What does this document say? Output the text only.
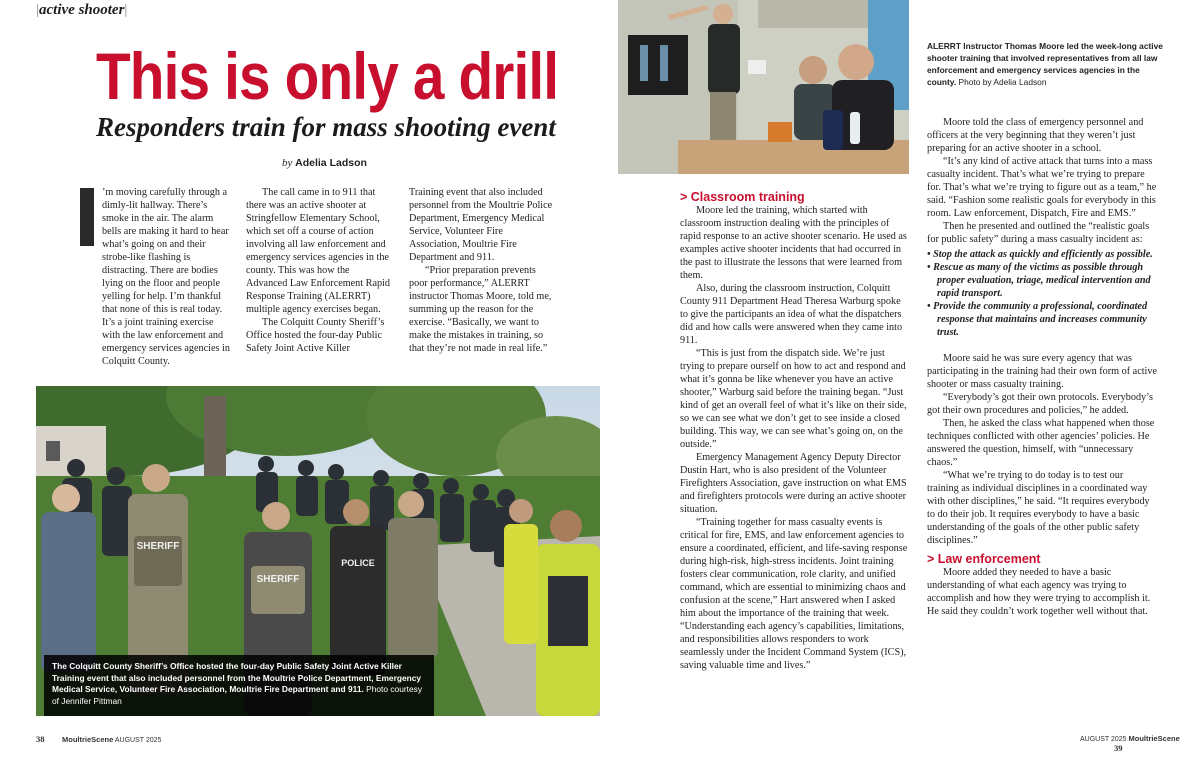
|active shooter|
This is only a drill
Responders train for mass shooting event
by Adelia Ladson

’m moving carefully through a dimly-lit hallway. There’s smoke in the air. The alarm bells are making it hard to hear what’s going on and their strobe-like flashing is distracting. There are bodies lying on the floor and people yelling for help. I’m thankful that none of this is real today. It’s a joint training exercise with the law enforcement and emergency services agencies in Colquitt County.

The call came in to 911 that there was an active shooter at Stringfellow Elementary School, which set off a course of action involving all law enforcement and emergency services agencies in the county. This was how the Advanced Law Enforcement Rapid Response Training (ALERRT) multiple agency exercises began.

The Colquitt County Sheriff’s Office hosted the four-day Public Safety Joint Active Killer

Training event that also included personnel from the Moultrie Police Department, Emergency Medical Service, Volunteer Fire Association, Moultrie Fire Department and 911.

“Prior preparation prevents poor performance,” ALERRT instructor Thomas Moore, told me, summing up the reason for the exercise. “Basically, we want to make the mistakes in training, so that they’re not made in real life.”

SHERIFF
SHERIFF
POLICE
The Colquitt County Sheriff’s Office hosted the four-day Public Safety Joint Active Killer Training event that also included personnel from the Moultrie Police Department, Emergency Medical Service, Volunteer Fire Association, Moultrie Fire Department and 911. Photo courtesy of Jennifer Pittman
ALERRT Instructor Thomas Moore led the week-long active shooter training that involved representatives from all law enforcement and emergency services agencies in the county. Photo by Adelia Ladson
> Classroom training

Moore led the training, which started with classroom instruction dealing with the principles of rapid response to an active shooter scenario. He used as examples active shooter incidents that had occurred in the past to illustrate the lessons that were learned from them.

Also, during the classroom instruction, Colquitt County 911 Department Head Theresa Warburg spoke to give the participants an idea of what the dispatchers did and how calls were answered when they came into 911.

“This is just from the dispatch side. We’re just trying to prepare ourself on how to act and respond and what it’s gonna be like whenever you have an active shooter,” Warburg said before the training began. “Just kind of get an overall feel of what it’s like on their side, so we can see what we don’t get to see inside a closed building. This way, we can see what’s going on, on the outside.”

Emergency Management Agency Deputy Director Dustin Hart, who is also president of the Volunteer Firefighters Association, gave instruction on what EMS and firefighters protocols were during an active shooter situation.

“Training together for mass casualty events is critical for fire, EMS, and law enforcement agencies to ensure a coordinated, efficient, and life-saving response during high-risk, high-stress incidents. Joint training fosters clear communication, role clarity, and unified command, which are essential to minimizing chaos and confusion at the scene,” Hart answered when I asked him about the importance of the training that week. “Understanding each agency’s capabilities, limitations, and responsibilities allows responders to work seamlessly under the Incident Command System (ICS), saving valuable time and lives.”

Moore told the class of emergency personnel and officers at the very beginning that they weren’t just preparing for an active shooter in a school.

“It’s any kind of active attack that turns into a mass casualty incident. That’s what we’re trying to prepare for. That’s what we’re trying to figure out as a team,” he said. “Fashion some realistic goals for everybody in this room. Law enforcement, Dispatch, Fire and EMS.”

Then he presented and outlined the “realistic goals for public safety” during a mass casualty incident as:

• Stop the attack as quickly and efficiently as possible.
• Rescue as many of the victims as possible through proper evaluation, triage, medical intervention and rapid transport.
• Provide the community a professional, coordinated response that maintains and increases community trust.

Moore said he was sure every agency that was participating in the training had their own form of active shooter or mass casualty training.

“Everybody’s got their own protocols. Everybody’s got their own procedures and policies,” he added.

Then, he asked the class what happened when those techniques conflicted with other agencies’ policies. He answered the question, himself, with “unnecessary chaos.”

“What we’re trying to do today is to test our training as individual disciplines in a coordinated way with other disciplines,” he said. “It requires everybody to do their job. It requires everybody to have a basic understanding of the goals of the other public safety disciplines.”

> Law enforcement

Moore added they needed to have a basic understanding of what each agency was trying to accomplish and how they were trying to accomplish it. He said they couldn’t work together well without that.

38 MoultrieScene AUGUST 2025	AUGUST 2025 MoultrieScene 39
